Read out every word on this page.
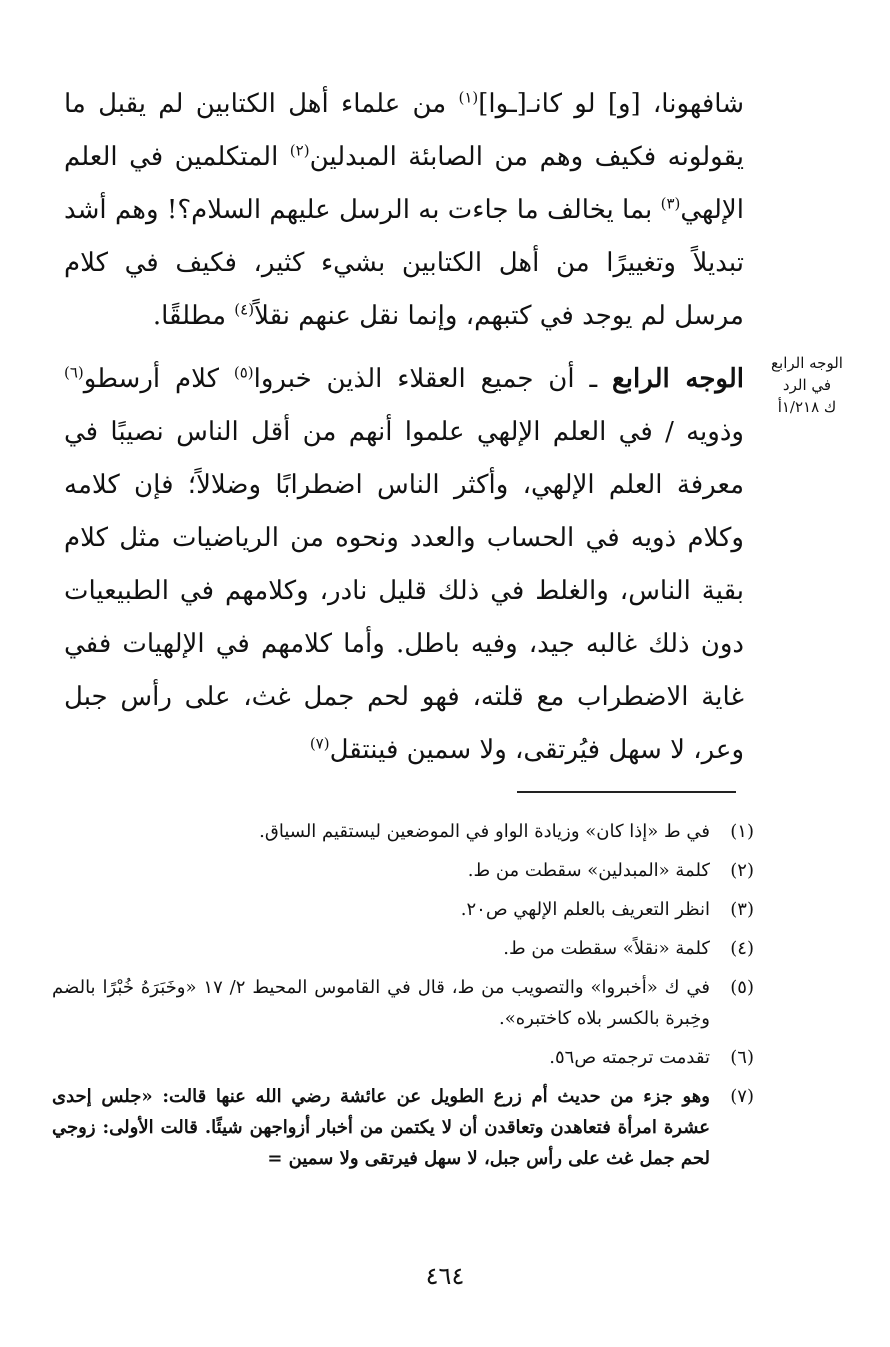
شافهونا، [و] لو كانـ[ـوا]$^{(١)}$ من علماء أهل الكتابين لم يقبل ما يقولونه فكيف وهم من الصابئة المبدلين$^{(٢)}$ المتكلمين في العلم الإلهي$^{(٣)}$ بما يخالف ما جاءت به الرسل عليهم السلام؟! وهم أشد تبديلاً وتغييرًا من أهل الكتابين بشيء كثير، فكيف في كلام مرسل لم يوجد في كتبهم، وإنما نقل عنهم نقلاً$^{(٤)}$ مطلقًا.

الوجه الرابع ـ أن جميع العقلاء الذين خبروا$^{(٥)}$ كلام أرسطو$^{(٦)}$ وذويه / في العلم الإلهي علموا أنهم من أقل الناس نصيبًا في معرفة العلم الإلهي، وأكثر الناس اضطرابًا وضلالاً؛ فإن كلامه وكلام ذويه في الحساب والعدد ونحوه من الرياضيات مثل كلام بقية الناس، والغلط في ذلك قليل نادر، وكلامهم في الطبيعيات دون ذلك غالبه جيد، وفيه باطل. وأما كلامهم في الإلهيات ففي غاية الاضطراب مع قلته، فهو لحم جمل غث، على رأس جبل وعر، لا سهل فيُرتقى، ولا سمين فينتقل$^{(٧)}$

الوجه الرابع
في الرد
ك ١/٢١٨أ
(١)
في ط «إذا كان» وزيادة الواو في الموضعين ليستقيم السياق.
(٢)
كلمة «المبدلين» سقطت من ط.
(٣)
انظر التعريف بالعلم الإلهي ص٢٠.
(٤)
كلمة «نقلاً» سقطت من ط.
(٥)
في ك «أخبروا» والتصويب من ط، قال في القاموس المحيط ٢/ ١٧ «وخَبَرَهُ خُبْرًا بالضم وخِبرة بالكسر بلاه كاختبره».
(٦)
تقدمت ترجمته ص٥٦.
(٧)
وهو جزء من حديث أم زرع الطويل عن عائشة رضي الله عنها قالت: «جلس إحدى عشرة امرأة فتعاهدن وتعاقدن أن لا يكتمن من أخبار أزواجهن شيئًا. قالت الأولى: زوجي لحم جمل غث على رأس جبل، لا سهل فيرتقى ولا سمين =
٤٦٤
